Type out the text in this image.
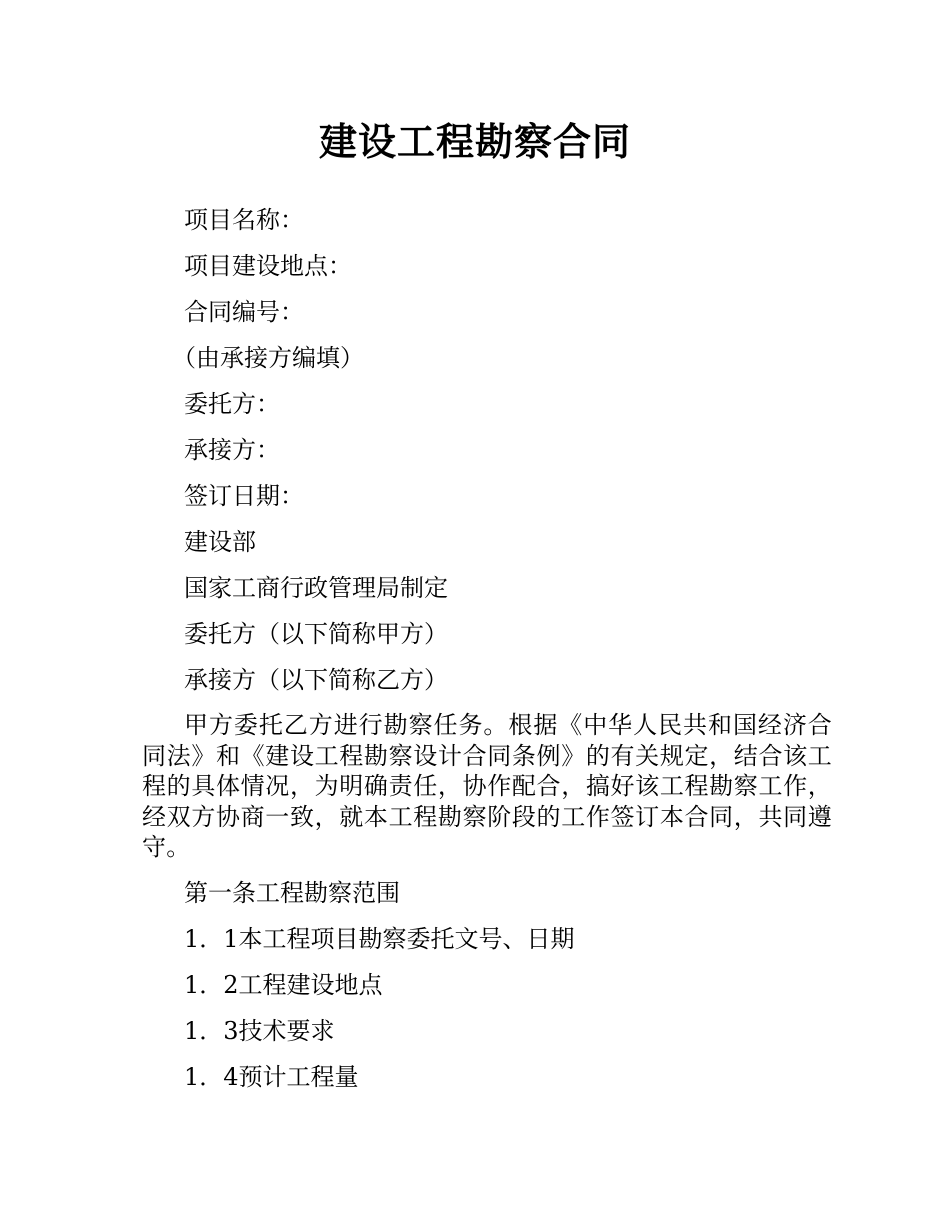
建设工程勘察合同

项目名称：

项目建设地点：

合同编号：

（由承接方编填）

委托方：

承接方：

签订日期：

建设部

国家工商行政管理局制定

委托方（以下简称甲方）

承接方（以下简称乙方）

甲方委托乙方进行勘察任务。根据《中华人民共和国经济合同法》和《建设工程勘察设计合同条例》的有关规定，结合该工程的具体情况，为明确责任，协作配合，搞好该工程勘察工作，经双方协商一致，就本工程勘察阶段的工作签订本合同，共同遵守。

第一条工程勘察范围

1．1本工程项目勘察委托文号、日期

1．2工程建设地点

1．3技术要求

1．4预计工程量
